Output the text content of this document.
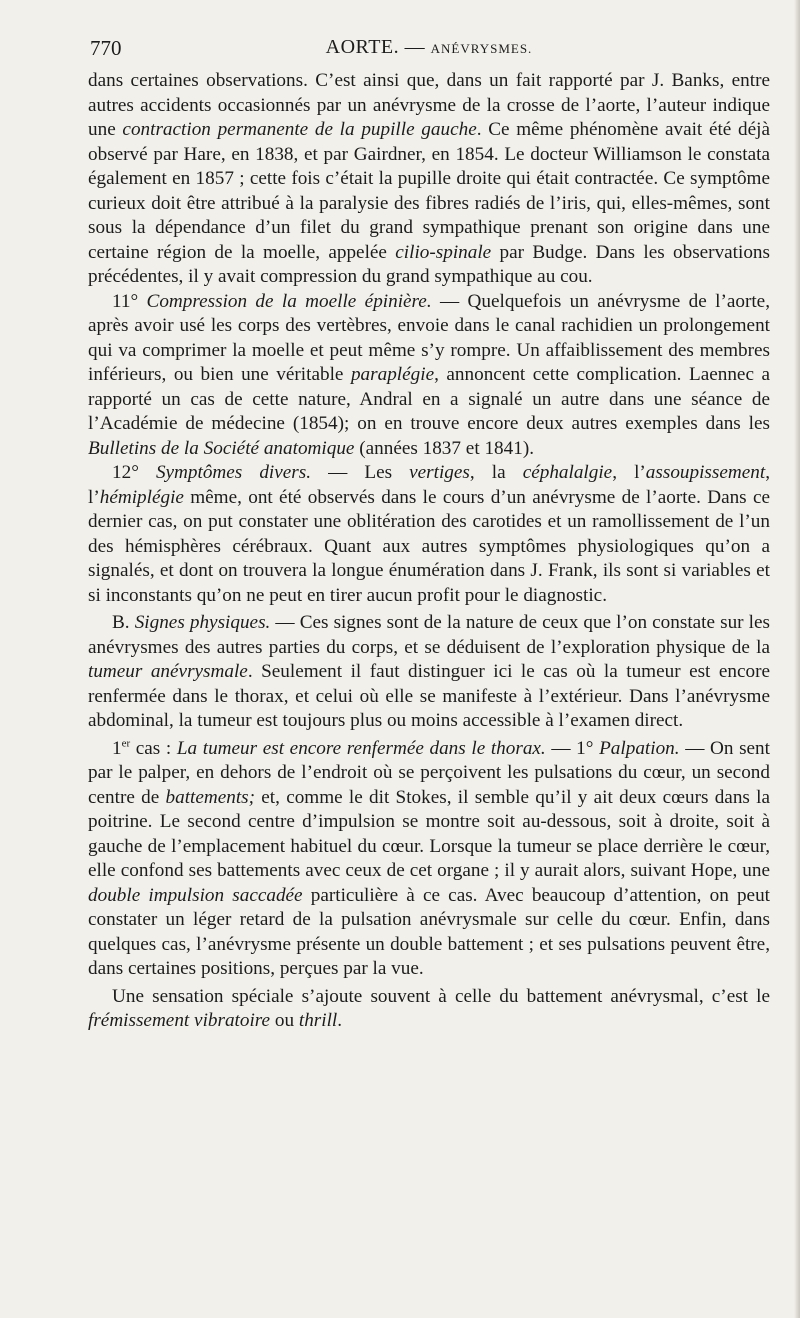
770	AORTE. — ANÉVRYSMES.

dans certaines observations. C’est ainsi que, dans un fait rapporté par J. Banks, entre autres accidents occasionnés par un anévrysme de la crosse de l’aorte, l’auteur indique une contraction permanente de la pupille gauche. Ce même phénomène avait été déjà observé par Hare, en 1838, et par Gairdner, en 1854. Le docteur Williamson le constata également en 1857 ; cette fois c’était la pupille droite qui était contractée. Ce symptôme curieux doit être attribué à la paralysie des fibres radiés de l’iris, qui, elles-mêmes, sont sous la dépendance d’un filet du grand sympathique prenant son origine dans une certaine région de la moelle, appelée cilio-spinale par Budge. Dans les observations précédentes, il y avait compression du grand sympathique au cou.

11° Compression de la moelle épinière. — Quelquefois un anévrysme de l’aorte, après avoir usé les corps des vertèbres, envoie dans le canal rachidien un prolongement qui va comprimer la moelle et peut même s’y rompre. Un affaiblissement des membres inférieurs, ou bien une véritable paraplégie, annoncent cette complication. Laennec a rapporté un cas de cette nature, Andral en a signalé un autre dans une séance de l’Académie de médecine (1854); on en trouve encore deux autres exemples dans les Bulletins de la Société anatomique (années 1837 et 1841).

12° Symptômes divers. — Les vertiges, la céphalalgie, l’assoupissement, l’hémiplégie même, ont été observés dans le cours d’un anévrysme de l’aorte. Dans ce dernier cas, on put constater une oblitération des carotides et un ramollissement de l’un des hémisphères cérébraux. Quant aux autres symptômes physiologiques qu’on a signalés, et dont on trouvera la longue énumération dans J. Frank, ils sont si variables et si inconstants qu’on ne peut en tirer aucun profit pour le diagnostic.

B. Signes physiques. — Ces signes sont de la nature de ceux que l’on constate sur les anévrysmes des autres parties du corps, et se déduisent de l’exploration physique de la tumeur anévrysmale. Seulement il faut distinguer ici le cas où la tumeur est encore renfermée dans le thorax, et celui où elle se manifeste à l’extérieur. Dans l’anévrysme abdominal, la tumeur est toujours plus ou moins accessible à l’examen direct.

1er cas : La tumeur est encore renfermée dans le thorax. — 1° Palpation. — On sent par le palper, en dehors de l’endroit où se perçoivent les pulsations du cœur, un second centre de battements; et, comme le dit Stokes, il semble qu’il y ait deux cœurs dans la poitrine. Le second centre d’impulsion se montre soit au-dessous, soit à droite, soit à gauche de l’emplacement habituel du cœur. Lorsque la tumeur se place derrière le cœur, elle confond ses battements avec ceux de cet organe ; il y aurait alors, suivant Hope, une double impulsion saccadée particulière à ce cas. Avec beaucoup d’attention, on peut constater un léger retard de la pulsation anévrysmale sur celle du cœur. Enfin, dans quelques cas, l’anévrysme présente un double battement ; et ses pulsations peuvent être, dans certaines positions, perçues par la vue.

Une sensation spéciale s’ajoute souvent à celle du battement anévrysmal, c’est le frémissement vibratoire ou thrill.
